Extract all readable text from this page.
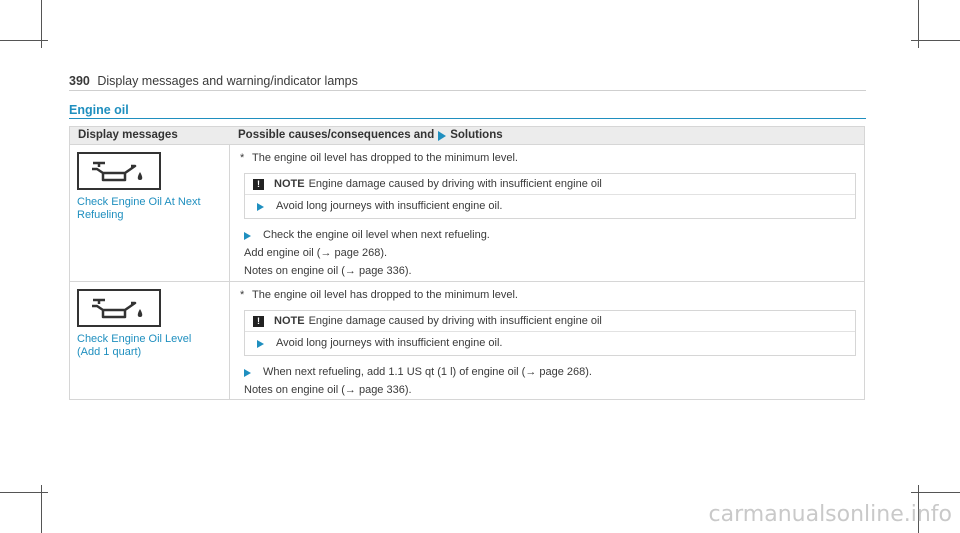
390 Display messages and warning/indicator lamps
Engine oil
Display messages	Possible causes/consequences and Solutions
Check Engine Oil At Next Refueling
* The engine oil level has dropped to the minimum level.
!	NOTE Engine damage caused by driving with insufficient engine oil
Avoid long journeys with insufficient engine oil.
Check the engine oil level when next refueling.
Add engine oil (→ page 268).
Notes on engine oil (→ page 336).
Check Engine Oil Level (Add 1 quart)
* The engine oil level has dropped to the minimum level.
!	NOTE Engine damage caused by driving with insufficient engine oil
Avoid long journeys with insufficient engine oil.
When next refueling, add 1.1 US qt (1 l) of engine oil (→ page 268).
Notes on engine oil (→ page 336).
carmanualsonline.info
